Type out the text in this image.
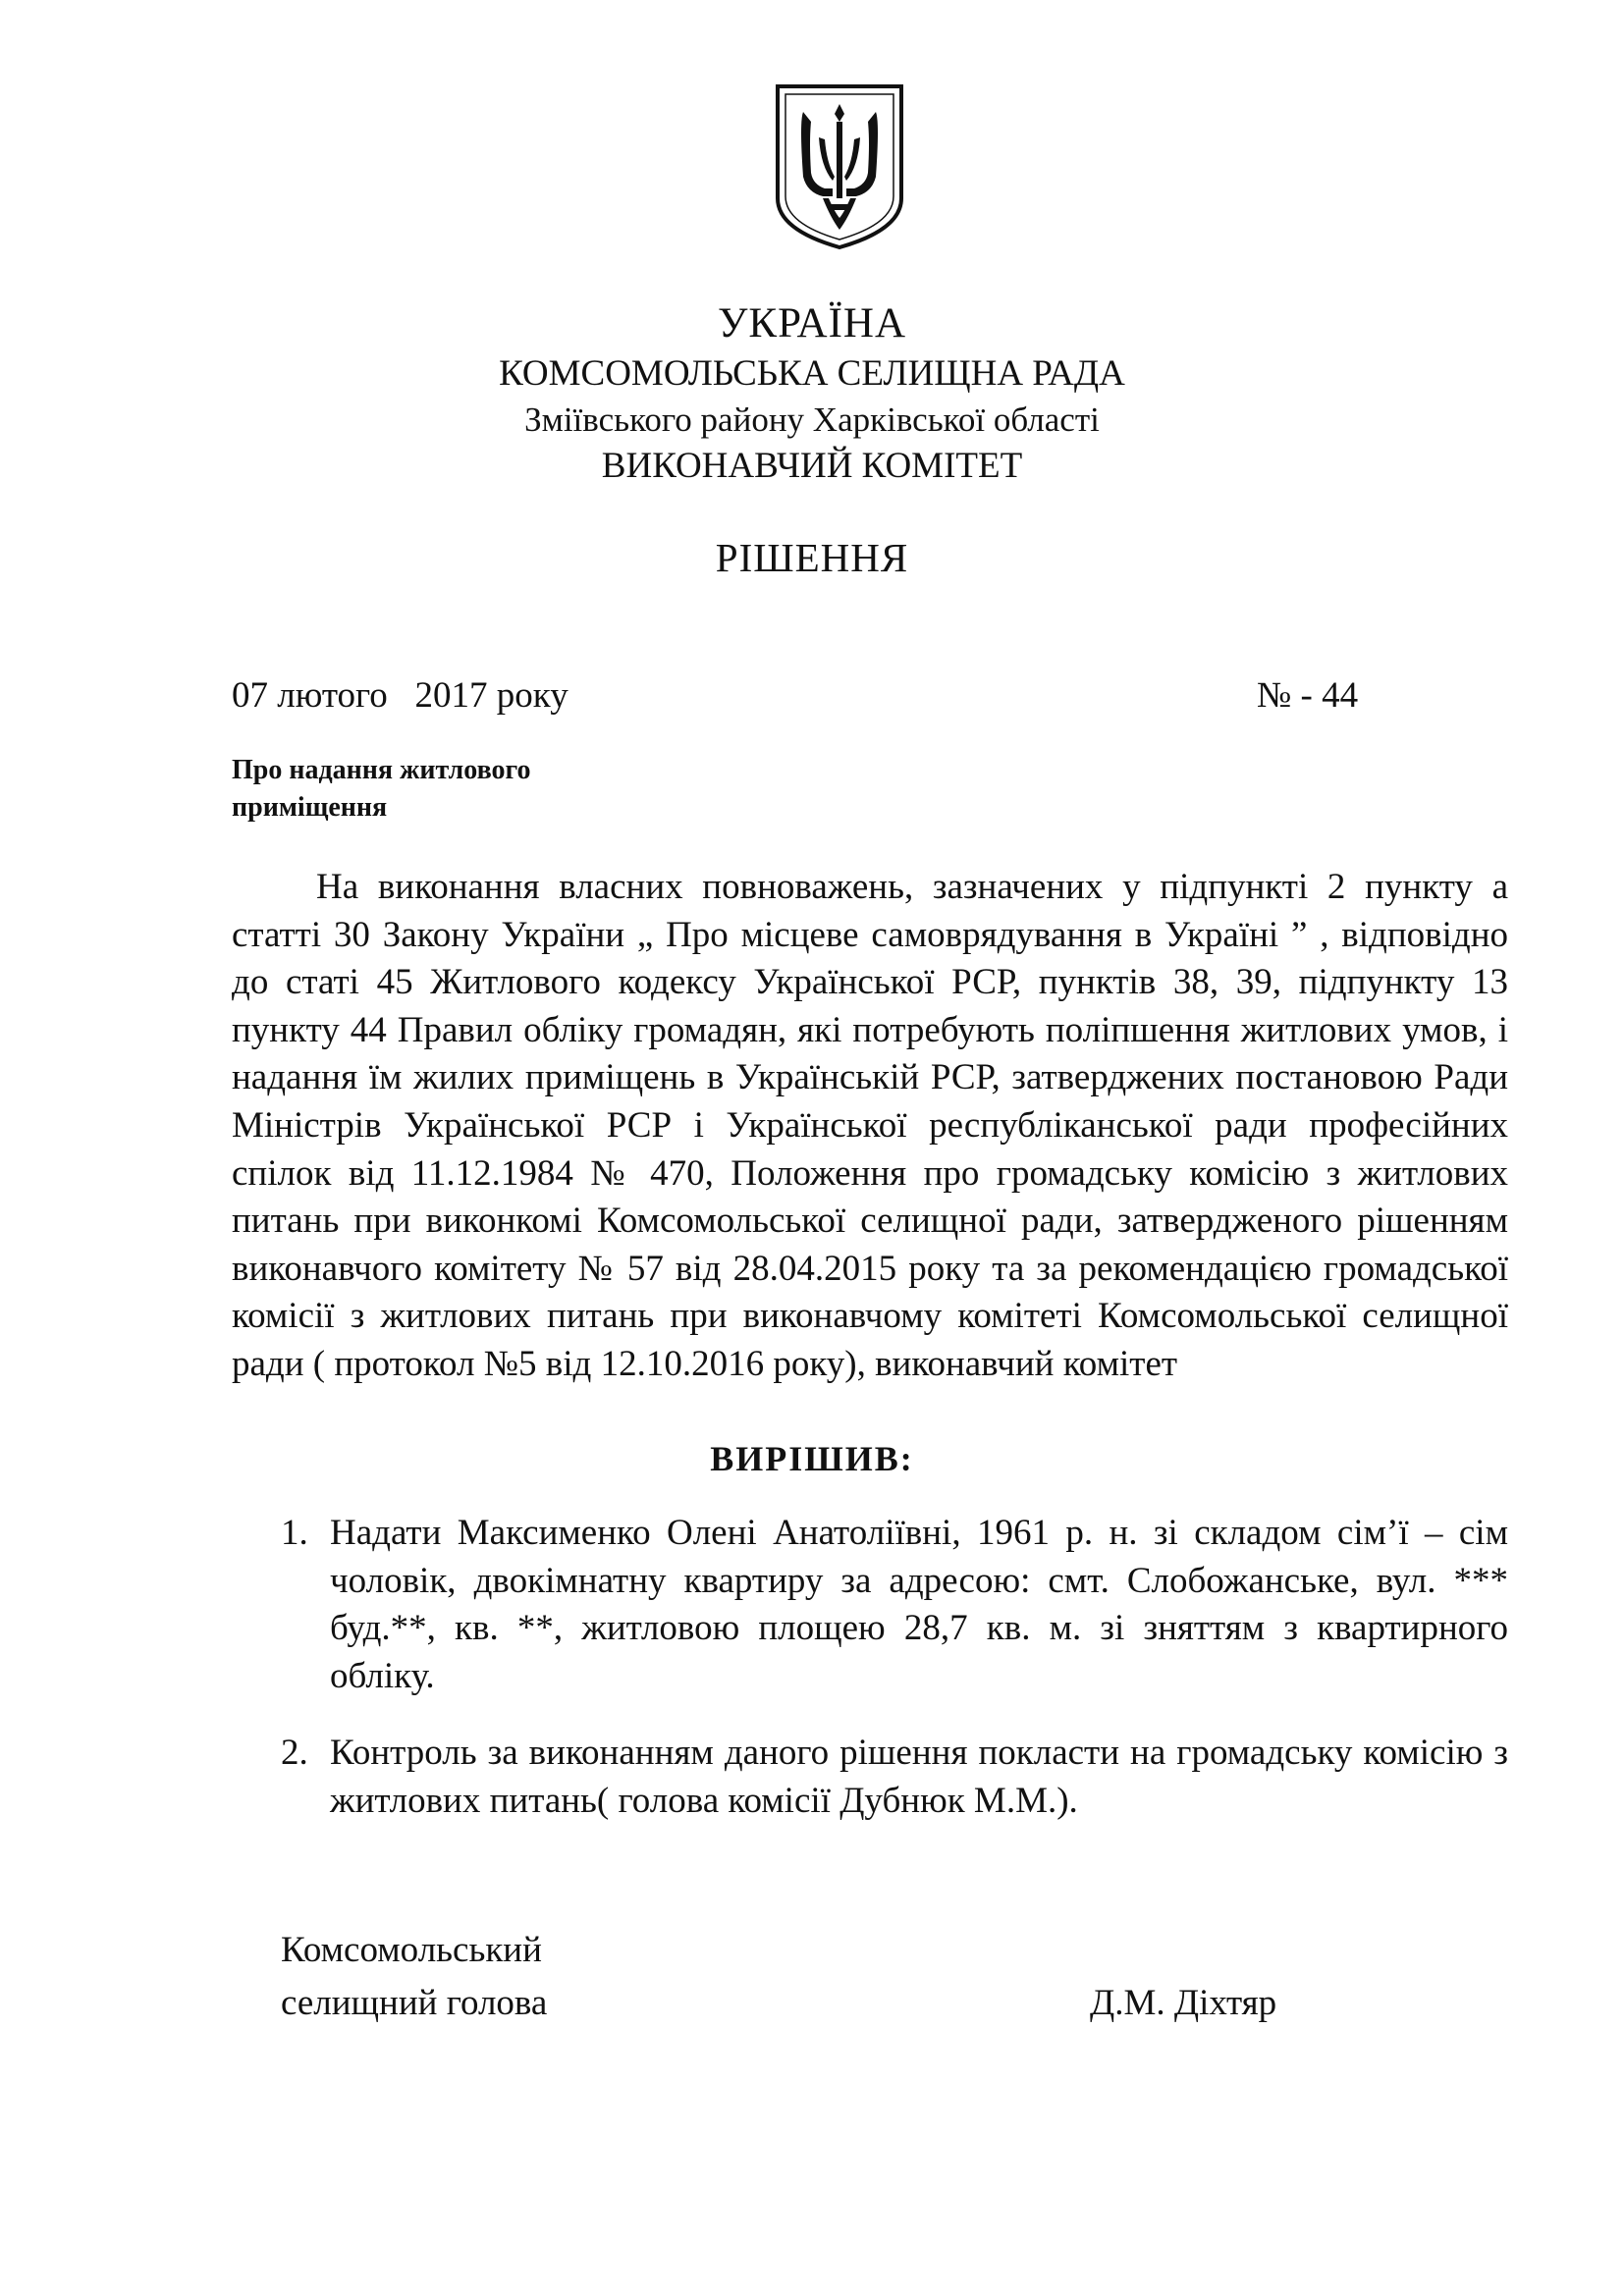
УКРАЇНА
КОМСОМОЛЬСЬКА СЕЛИЩНА РАДА
Зміївського району Харківської області
ВИКОНАВЧИЙ КОМІТЕТ
РІШЕННЯ
07 лютого   2017 року	№ - 44
Про надання житлового
приміщення

На виконання власних повноважень, зазначених у підпункті 2 пункту а статті 30 Закону України „ Про місцеве самоврядування в Україні ” , відповідно до статі 45 Житлового кодексу Української РСР, пунктів 38, 39, підпункту 13 пункту 44 Правил обліку громадян, які потребують поліпшення житлових умов, і надання їм жилих приміщень в Українській РСР, затверджених постановою Ради Міністрів Української РСР і Української республіканської ради професійних спілок від 11.12.1984 № 470, Положення про громадську комісію з житлових питань при виконкомі Комсомольської селищної ради, затвердженого рішенням виконавчого комітету № 57 від 28.04.2015 року та за рекомендацією громадської комісії з житлових питань при виконавчому комітеті Комсомольської селищної ради ( протокол №5 від 12.10.2016 року), виконавчий комітет

ВИРІШИВ:
1. Надати Максименко Олені Анатоліївні, 1961 р. н. зі складом сім’ї – сім чоловік, двокімнатну квартиру за адресою: смт. Слобожанське, вул. *** буд.**, кв. **, житловою площею 28,7 кв. м. зі зняттям з квартирного обліку.
2. Контроль за виконанням даного рішення покласти на громадську комісію з житлових питань( голова комісії Дубнюк М.М.).
Комсомольський
селищний голова	Д.М. Діхтяр
